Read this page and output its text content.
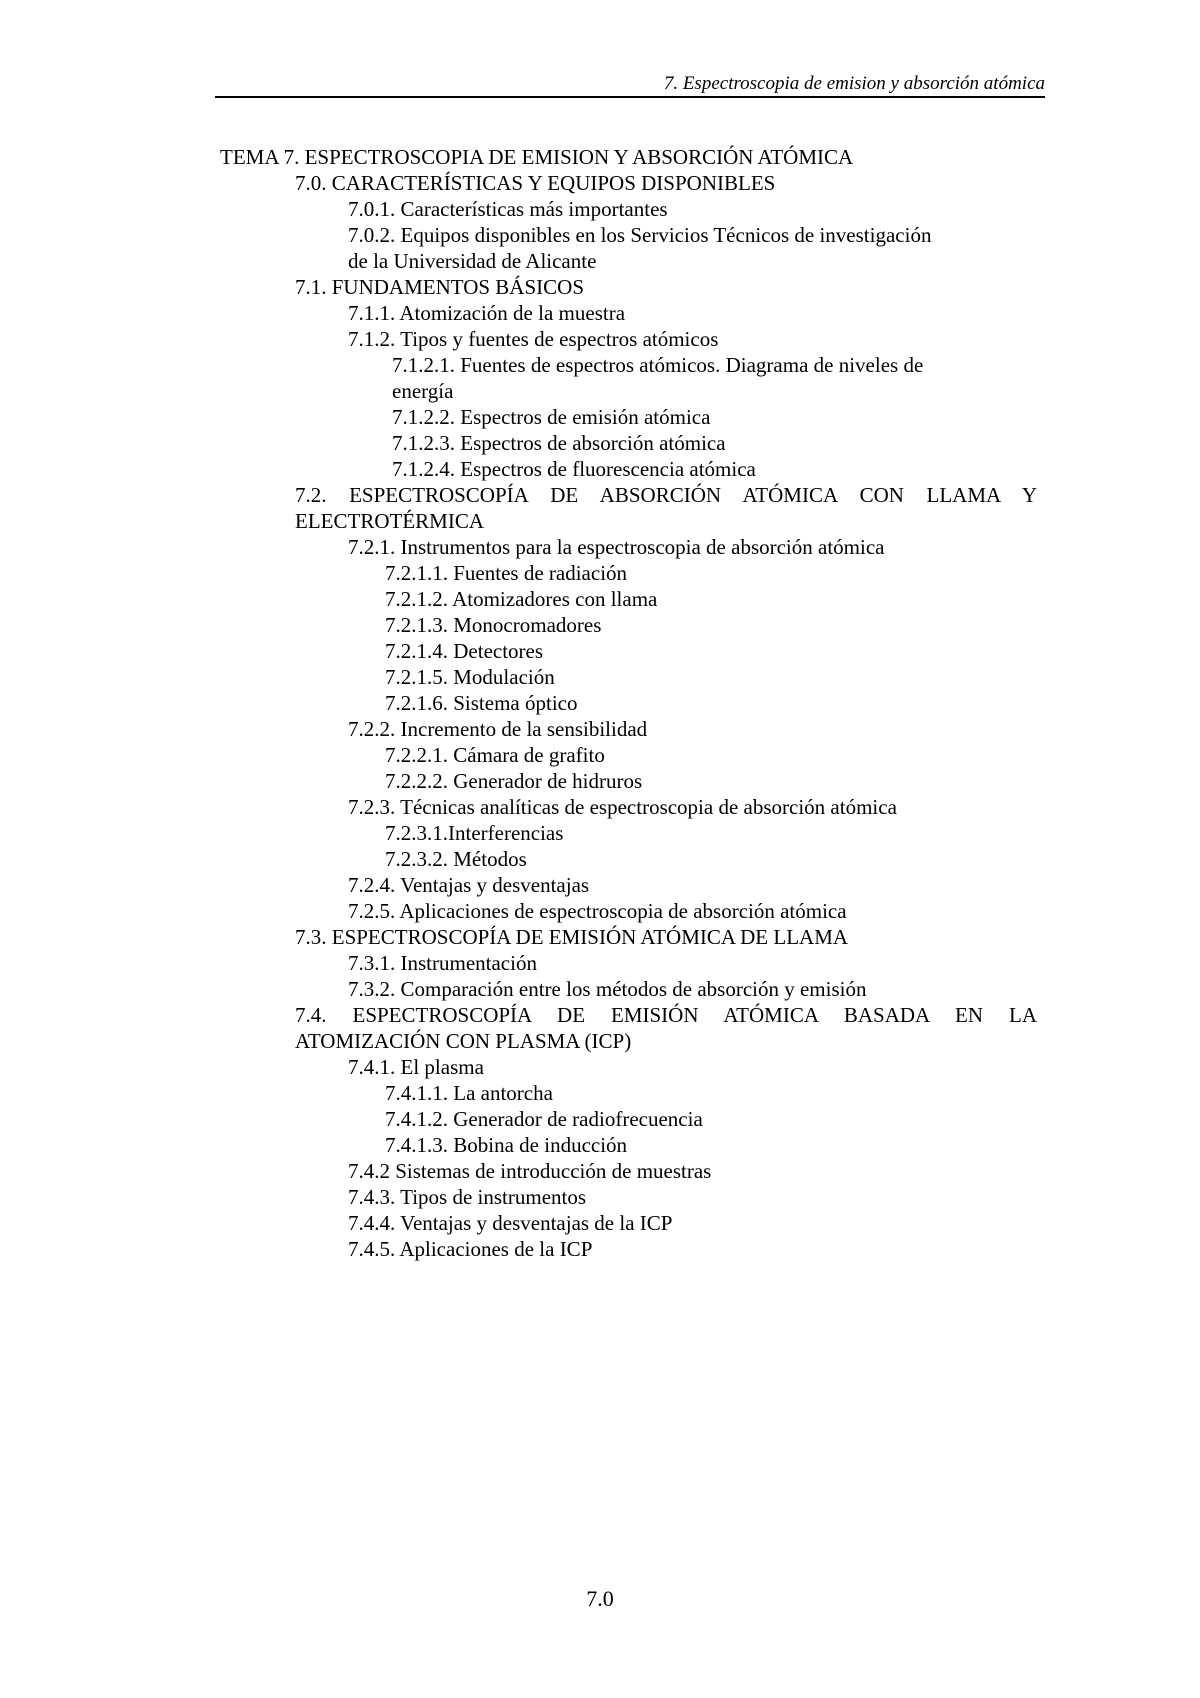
7. Espectroscopia de emision y absorción atómica
TEMA 7. ESPECTROSCOPIA DE EMISION Y ABSORCIÓN ATÓMICA
7.0. CARACTERÍSTICAS Y EQUIPOS DISPONIBLES
7.0.1. Características más importantes
7.0.2. Equipos disponibles en los Servicios Técnicos de investigación
de la Universidad de Alicante
7.1. FUNDAMENTOS BÁSICOS
7.1.1. Atomización de la muestra
7.1.2. Tipos y fuentes de espectros atómicos
7.1.2.1. Fuentes de espectros atómicos. Diagrama de niveles de
energía
7.1.2.2. Espectros de emisión atómica
7.1.2.3. Espectros de absorción atómica
7.1.2.4. Espectros de fluorescencia atómica
7.2. ESPECTROSCOPÍA DE ABSORCIÓN ATÓMICA CON LLAMA Y
ELECTROTÉRMICA
7.2.1. Instrumentos para la espectroscopia de absorción atómica
7.2.1.1. Fuentes de radiación
7.2.1.2. Atomizadores con llama
7.2.1.3. Monocromadores
7.2.1.4. Detectores
7.2.1.5. Modulación
7.2.1.6. Sistema óptico
7.2.2. Incremento de la sensibilidad
7.2.2.1. Cámara de grafito
7.2.2.2. Generador de hidruros
7.2.3. Técnicas analíticas de espectroscopia de absorción atómica
7.2.3.1.Interferencias
7.2.3.2. Métodos
7.2.4. Ventajas y desventajas
7.2.5. Aplicaciones de espectroscopia de absorción atómica
7.3. ESPECTROSCOPÍA DE EMISIÓN ATÓMICA DE LLAMA
7.3.1. Instrumentación
7.3.2. Comparación entre los métodos de absorción y emisión
7.4. ESPECTROSCOPÍA DE EMISIÓN ATÓMICA BASADA EN LA
ATOMIZACIÓN CON PLASMA (ICP)
7.4.1. El plasma
7.4.1.1. La antorcha
7.4.1.2. Generador de radiofrecuencia
7.4.1.3. Bobina de inducción
7.4.2 Sistemas de introducción de muestras
7.4.3. Tipos de instrumentos
7.4.4. Ventajas y desventajas de la ICP
7.4.5. Aplicaciones de la ICP
7.0
